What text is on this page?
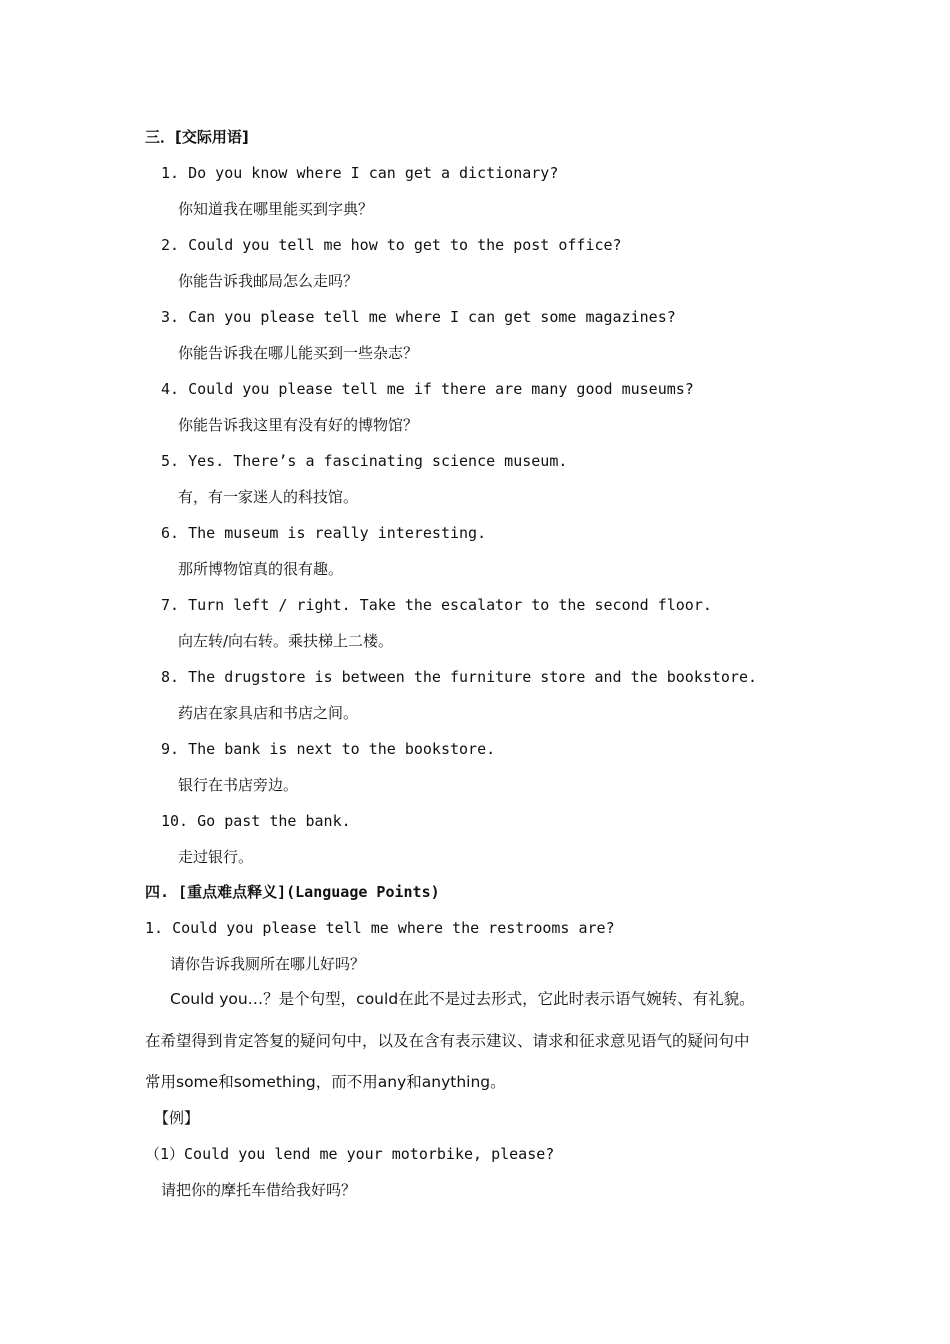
三．[交际用语]
1. Do you know where I can get a dictionary?
你知道我在哪里能买到字典？
2. Could you tell me how to get to the post office?
你能告诉我邮局怎么走吗？
3. Can you please tell me where I can get some magazines?
你能告诉我在哪儿能买到一些杂志？
4. Could you please tell me if there are many good museums?
你能告诉我这里有没有好的博物馆？
5. Yes. There’s a fascinating science museum.
有，有一家迷人的科技馆。
6. The museum is really interesting.
那所博物馆真的很有趣。
7. Turn left / right. Take the escalator to the second floor.
向左转/向右转。乘扶梯上二楼。
8. The drugstore is between the furniture store and the bookstore.
药店在家具店和书店之间。
9. The bank is next to the bookstore.
银行在书店旁边。
10. Go past the bank.
走过银行。
四. [重点难点释义](Language Points)
1. Could you please tell me where the restrooms are?
请你告诉我厕所在哪儿好吗？
Could you…？是个句型，could在此不是过去形式，它此时表示语气婉转、有礼貌。
在希望得到肯定答复的疑问句中，以及在含有表示建议、请求和征求意见语气的疑问句中
常用some和something，而不用any和anything。
【例】
（1）Could you lend me your motorbike, please?
请把你的摩托车借给我好吗？
